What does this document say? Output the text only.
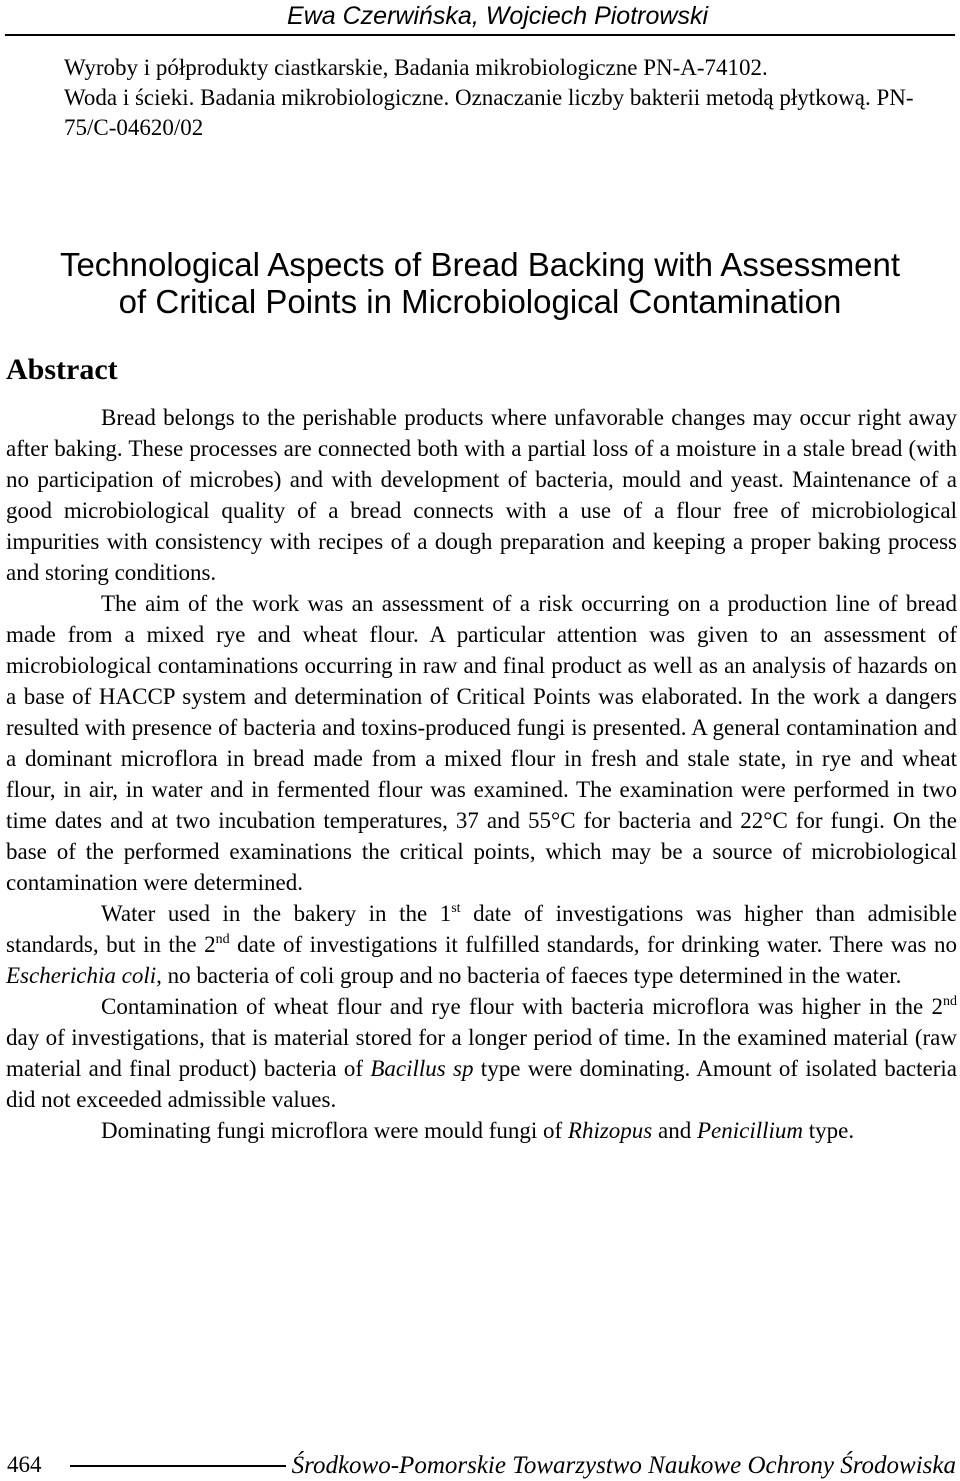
Ewa Czerwińska, Wojciech Piotrowski

Wyroby i półprodukty ciastkarskie, Badania mikrobiologiczne PN-A-74102.

Woda i ścieki. Badania mikrobiologiczne. Oznaczanie liczby bakterii metodą płytkową. PN-75/C-04620/02

Technological Aspects of Bread Backing with Assessment
of Critical Points in Microbiological Contamination
Abstract

Bread belongs to the perishable products where unfavorable changes may occur right away after baking. These processes are connected both with a partial loss of a moisture in a stale bread (with no participation of microbes) and with development of bacteria, mould and yeast. Maintenance of a good microbiological quality of a bread connects with a use of a flour free of microbiological impurities with consistency with recipes of a dough preparation and keeping a proper baking process and storing conditions.

The aim of the work was an assessment of a risk occurring on a production line of bread made from a mixed rye and wheat flour. A particular attention was given to an assessment of microbiological contaminations occurring in raw and final product as well as an analysis of hazards on a base of HACCP system and determination of Critical Points was elaborated. In the work a dangers resulted with presence of bacteria and toxins-produced fungi is presented. A general contamination and a dominant microflora in bread made from a mixed flour in fresh and stale state, in rye and wheat flour, in air, in water and in fermented flour was examined. The examination were performed in two time dates and at two incubation temperatures, 37 and 55°C for bacteria and 22°C for fungi. On the base of the performed examinations the critical points, which may be a source of microbiological contamination were determined.

Water used in the bakery in the 1st date of investigations was higher than admisible standards, but in the 2nd date of investigations it fulfilled standards, for drinking water. There was no Escherichia coli, no bacteria of coli group and no bacteria of faeces type determined in the water.

Contamination of wheat flour and rye flour with bacteria microflora was higher in the 2nd day of investigations, that is material stored for a longer period of time. In the examined material (raw material and final product) bacteria of Bacillus sp type were dominating. Amount of isolated bacteria did not exceeded admissible values.

Dominating fungi microflora were mould fungi of Rhizopus and Penicillium type.

464	Środkowo-Pomorskie Towarzystwo Naukowe Ochrony Środowiska
